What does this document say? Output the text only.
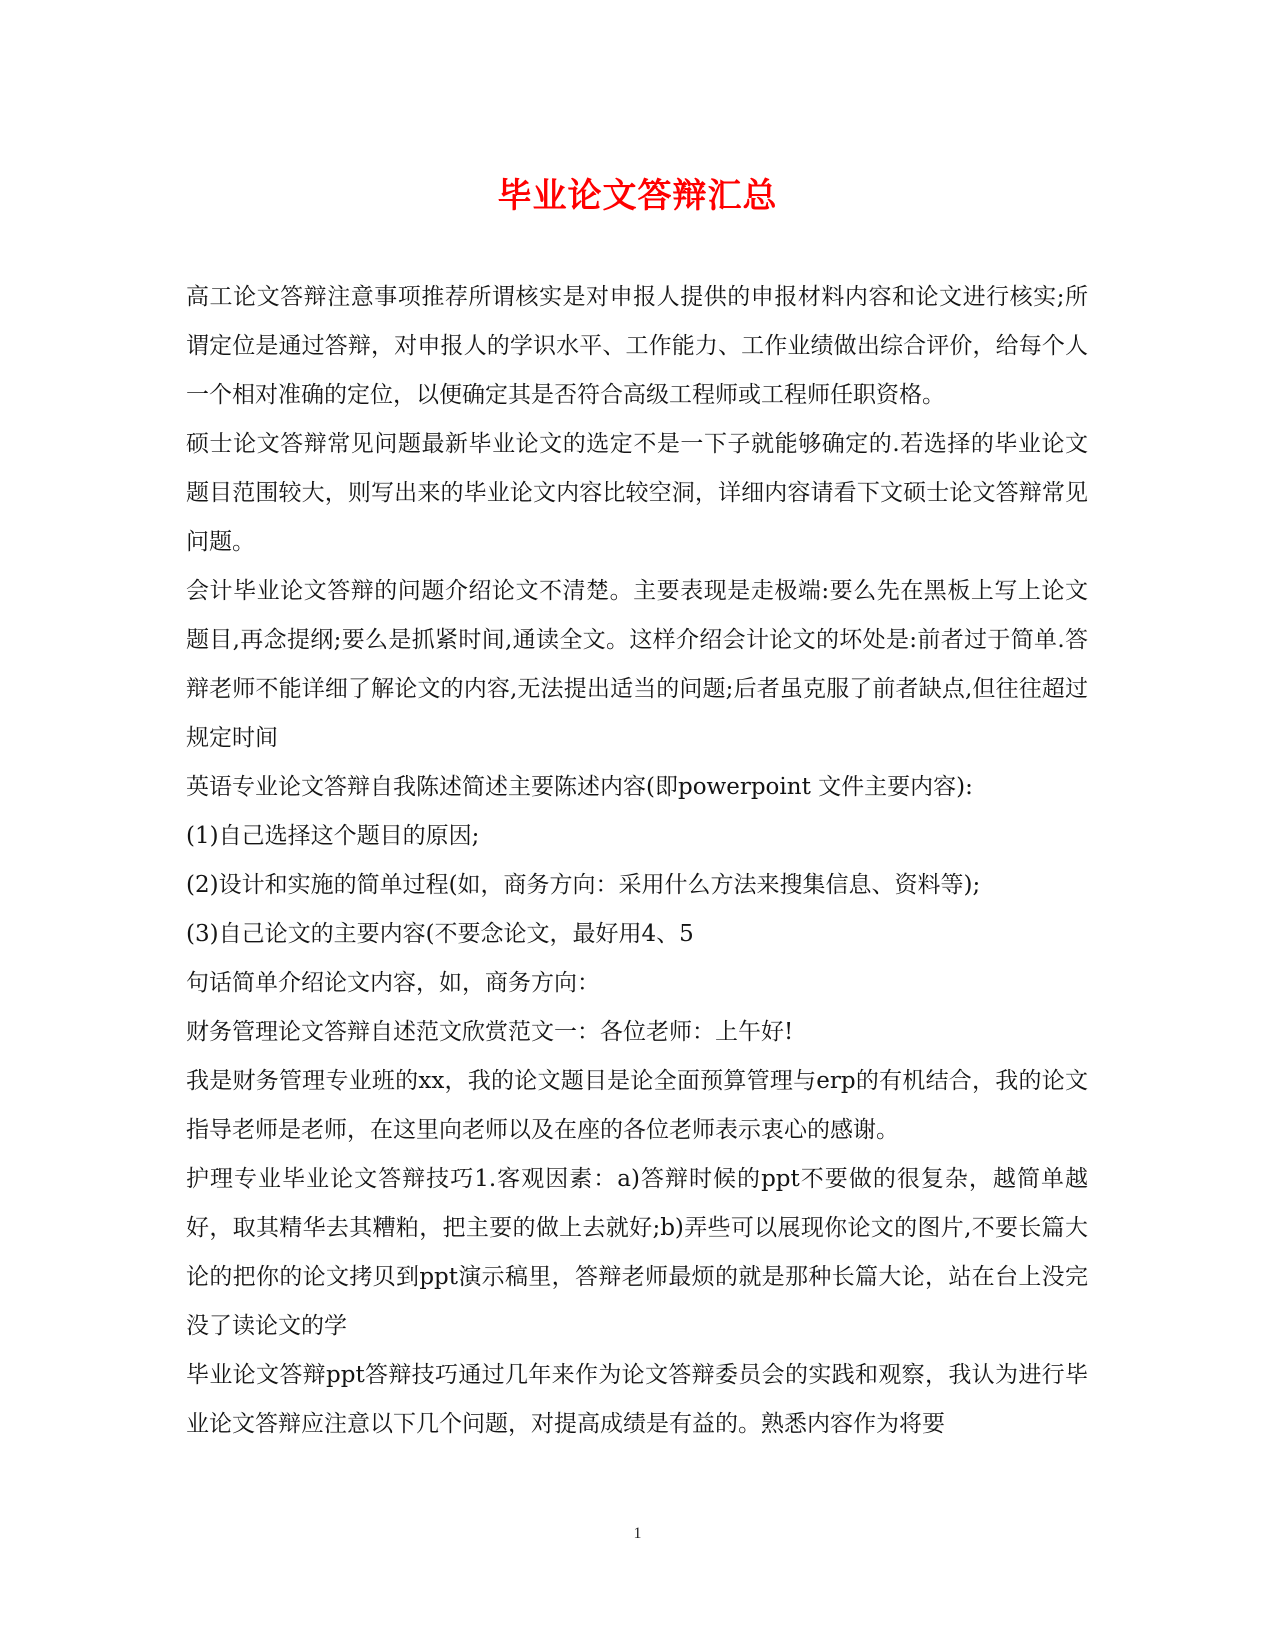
毕业论文答辩汇总

高工论文答辩注意事项推荐所谓核实是对申报人提供的申报材料内容和论文进行核实;所谓定位是通过答辩，对申报人的学识水平、工作能力、工作业绩做出综合评价，给每个人一个相对准确的定位，以便确定其是否符合高级工程师或工程师任职资格。

硕士论文答辩常见问题最新毕业论文的选定不是一下子就能够确定的.若选择的毕业论文题目范围较大，则写出来的毕业论文内容比较空洞，详细内容请看下文硕士论文答辩常见问题。

会计毕业论文答辩的问题介绍论文不清楚。主要表现是走极端:要么先在黑板上写上论文题目,再念提纲;要么是抓紧时间,通读全文。这样介绍会计论文的坏处是:前者过于简单.答辩老师不能详细了解论文的内容,无法提出适当的问题;后者虽克服了前者缺点,但往往超过规定时间

英语专业论文答辩自我陈述简述主要陈述内容(即powerpoint 文件主要内容):

(1)自己选择这个题目的原因;

(2)设计和实施的简单过程(如，商务方向：采用什么方法来搜集信息、资料等);

(3)自己论文的主要内容(不要念论文，最好用4、5

句话简单介绍论文内容，如，商务方向：

财务管理论文答辩自述范文欣赏范文一：各位老师：上午好!

我是财务管理专业班的xx，我的论文题目是论全面预算管理与erp的有机结合，我的论文指导老师是老师，在这里向老师以及在座的各位老师表示衷心的感谢。

护理专业毕业论文答辩技巧1.客观因素：a)答辩时候的ppt不要做的很复杂，越简单越好，取其精华去其糟粕，把主要的做上去就好;b)弄些可以展现你论文的图片,不要长篇大论的把你的论文拷贝到ppt演示稿里，答辩老师最烦的就是那种长篇大论，站在台上没完没了读论文的学

毕业论文答辩ppt答辩技巧通过几年来作为论文答辩委员会的实践和观察，我认为进行毕业论文答辩应注意以下几个问题，对提高成绩是有益的。熟悉内容作为将要

1
